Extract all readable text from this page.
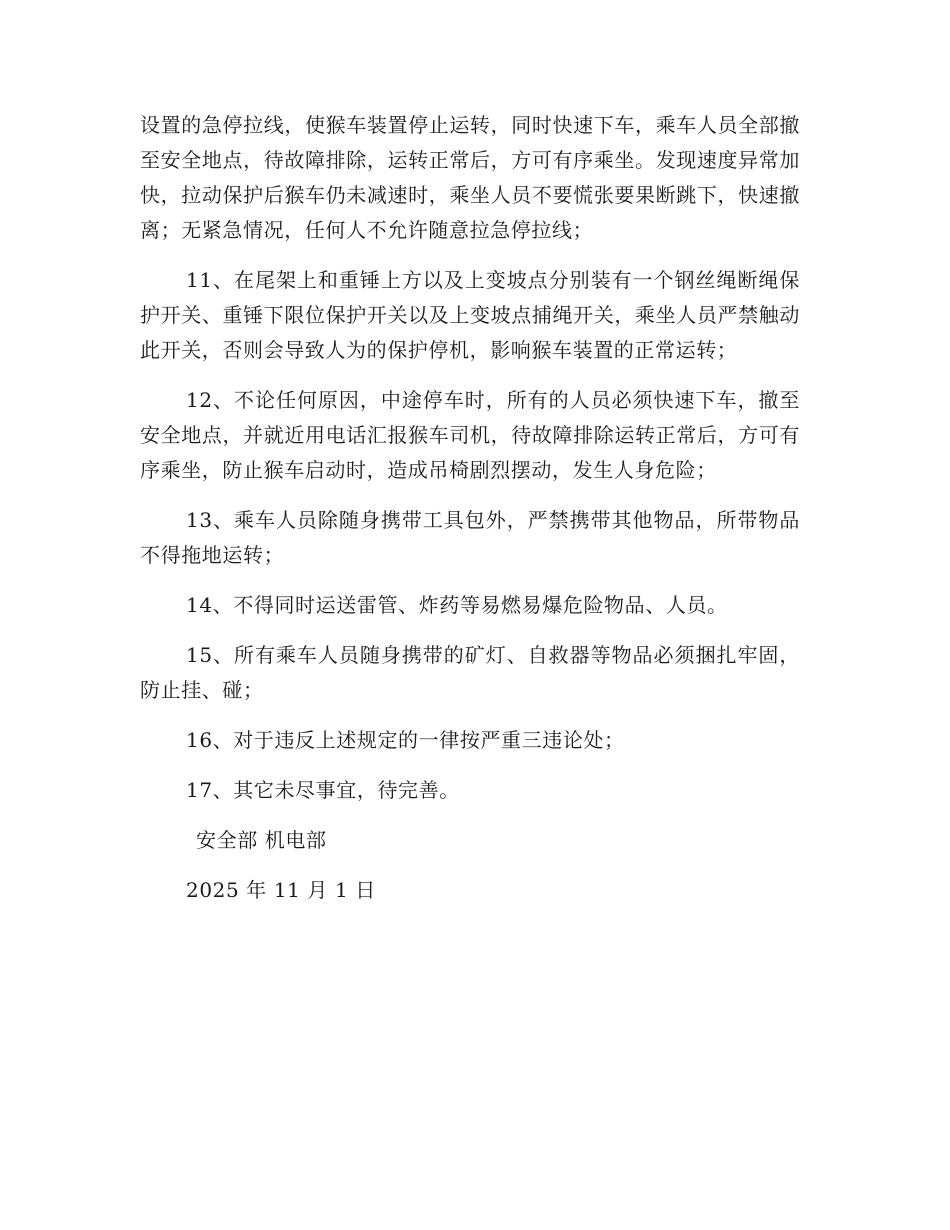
设置的急停拉线，使猴车装置停止运转，同时快速下车，乘车人员全部撤至安全地点，待故障排除，运转正常后，方可有序乘坐。发现速度异常加快，拉动保护后猴车仍未减速时，乘坐人员不要慌张要果断跳下，快速撤离；无紧急情况，任何人不允许随意拉急停拉线；

11、在尾架上和重锤上方以及上变坡点分别装有一个钢丝绳断绳保护开关、重锤下限位保护开关以及上变坡点捕绳开关，乘坐人员严禁触动此开关，否则会导致人为的保护停机，影响猴车装置的正常运转；

12、不论任何原因，中途停车时，所有的人员必须快速下车，撤至安全地点，并就近用电话汇报猴车司机，待故障排除运转正常后，方可有序乘坐，防止猴车启动时，造成吊椅剧烈摆动，发生人身危险；

13、乘车人员除随身携带工具包外，严禁携带其他物品，所带物品不得拖地运转；

14、不得同时运送雷管、炸药等易燃易爆危险物品、人员。

15、所有乘车人员随身携带的矿灯、自救器等物品必须捆扎牢固，防止挂、碰；

16、对于违反上述规定的一律按严重三违论处；

17、其它未尽事宜，待完善。

安全部 机电部

2025 年 11 月 1 日
